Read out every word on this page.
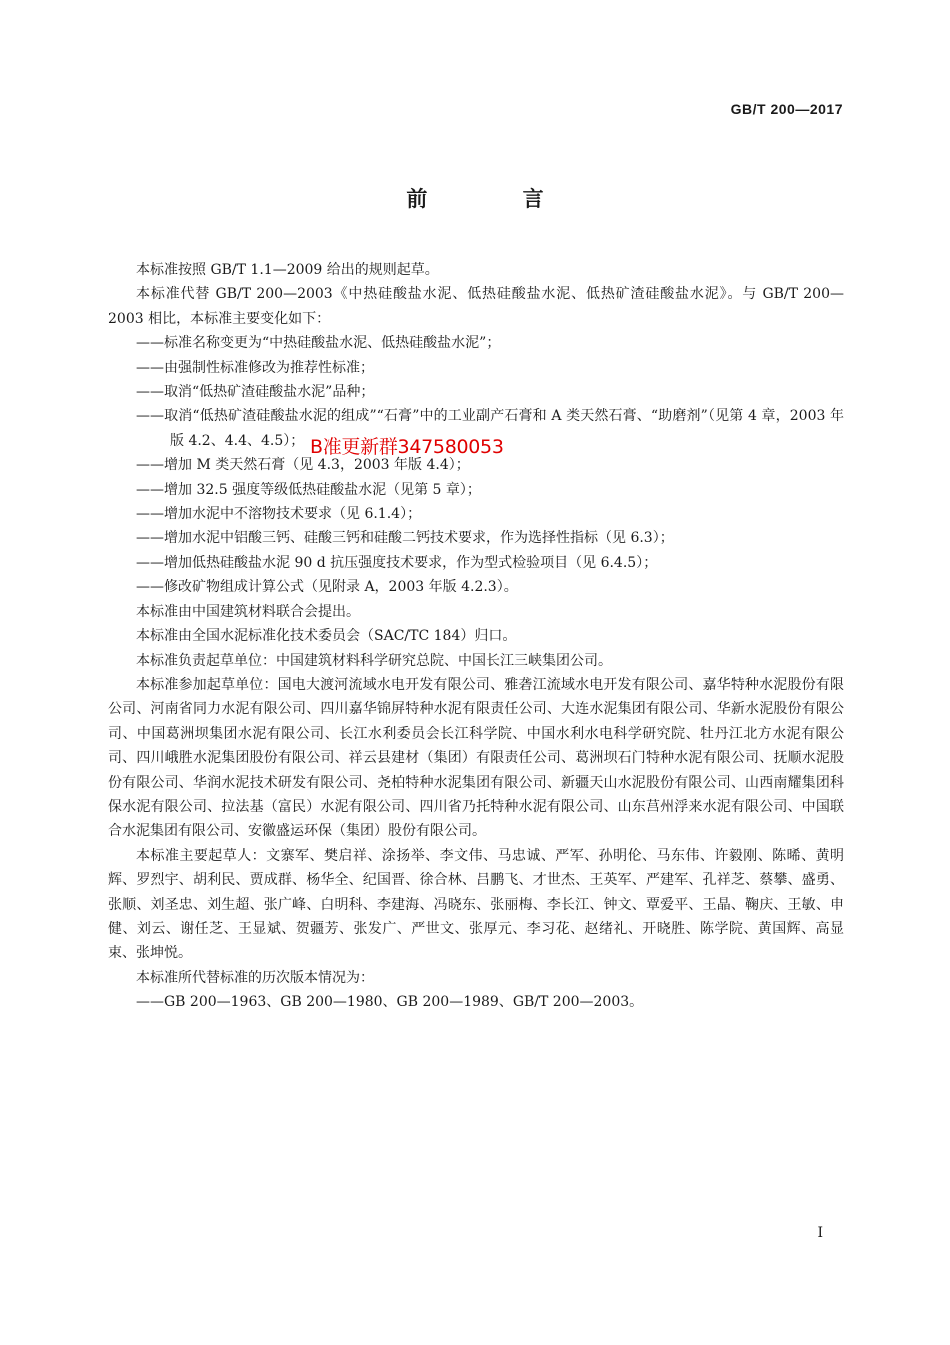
GB/T 200—2017
前 言

本标准按照 GB/T 1.1—2009 给出的规则起草。

本标准代替 GB/T 200—2003《中热硅酸盐水泥、低热硅酸盐水泥、低热矿渣硅酸盐水泥》。与 GB/T 200—2003 相比，本标准主要变化如下：

——标准名称变更为“中热硅酸盐水泥、低热硅酸盐水泥”；

——由强制性标准修改为推荐性标准；

——取消“低热矿渣硅酸盐水泥”品种；

——取消“低热矿渣硅酸盐水泥的组成”“石膏”中的工业副产石膏和 A 类天然石膏、“助磨剂”（见第 4 章，2003 年版 4.2、4.4、4.5）；

——增加 M 类天然石膏（见 4.3，2003 年版 4.4）；

——增加 32.5 强度等级低热硅酸盐水泥（见第 5 章）；

——增加水泥中不溶物技术要求（见 6.1.4）；

——增加水泥中铝酸三钙、硅酸三钙和硅酸二钙技术要求，作为选择性指标（见 6.3）；

——增加低热硅酸盐水泥 90 d 抗压强度技术要求，作为型式检验项目（见 6.4.5）；

——修改矿物组成计算公式（见附录 A，2003 年版 4.2.3）。

本标准由中国建筑材料联合会提出。

本标准由全国水泥标准化技术委员会（SAC/TC 184）归口。

本标准负责起草单位：中国建筑材料科学研究总院、中国长江三峡集团公司。

本标准参加起草单位：国电大渡河流域水电开发有限公司、雅砻江流域水电开发有限公司、嘉华特种水泥股份有限公司、河南省同力水泥有限公司、四川嘉华锦屏特种水泥有限责任公司、大连水泥集团有限公司、华新水泥股份有限公司、中国葛洲坝集团水泥有限公司、长江水利委员会长江科学院、中国水利水电科学研究院、牡丹江北方水泥有限公司、四川峨胜水泥集团股份有限公司、祥云县建材（集团）有限责任公司、葛洲坝石门特种水泥有限公司、抚顺水泥股份有限公司、华润水泥技术研发有限公司、尧柏特种水泥集团有限公司、新疆天山水泥股份有限公司、山西南耀集团科保水泥有限公司、拉法基（富民）水泥有限公司、四川省乃托特种水泥有限公司、山东莒州浮来水泥有限公司、中国联合水泥集团有限公司、安徽盛运环保（集团）股份有限公司。

本标准主要起草人：文寨军、樊启祥、涂扬举、李文伟、马忠诚、严军、孙明伦、马东伟、许毅刚、陈晞、黄明辉、罗烈宇、胡利民、贾成群、杨华全、纪国晋、徐合林、吕鹏飞、才世杰、王英军、严建军、孔祥芝、蔡攀、盛勇、张顺、刘圣忠、刘生超、张广峰、白明科、李建海、冯晓东、张丽梅、李长江、钟文、覃爱平、王晶、鞠庆、王敏、申健、刘云、谢任芝、王显斌、贺疆芳、张发广、严世文、张厚元、李习花、赵绪礼、开晓胜、陈学院、黄国辉、高显束、张坤悦。

本标准所代替标准的历次版本情况为：

——GB 200—1963、GB 200—1980、GB 200—1989、GB/T 200—2003。

B准更新群347580053
I
